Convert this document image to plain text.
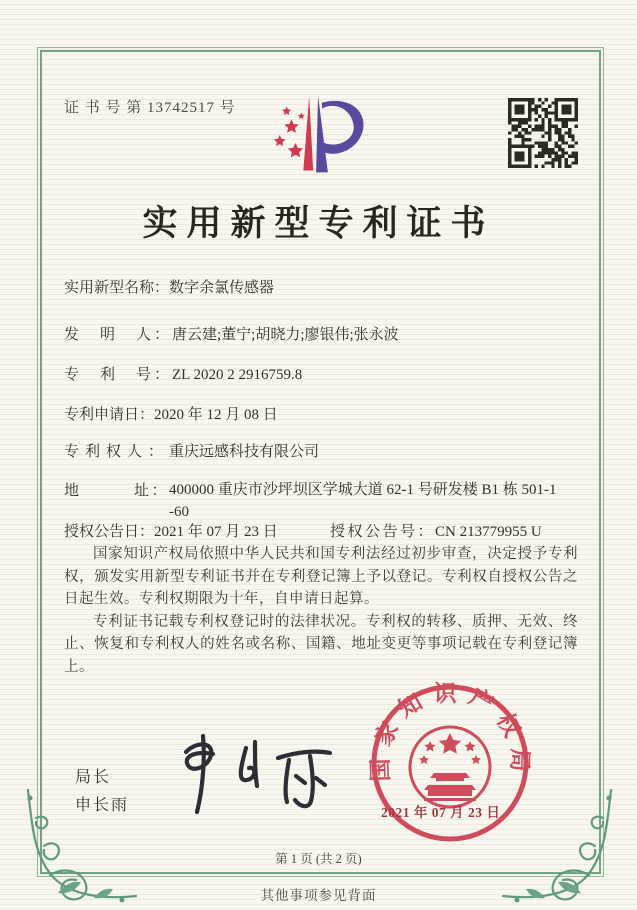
证 书 号 第 13742517 号
实用新型专利证书
实用新型名称：数字余氯传感器
发　明　人：唐云建;董宁;胡晓力;廖银伟;张永波
专　利　号：ZL 2020 2 2916759.8
专利申请日：2020 年 12 月 08 日
专利权人：重庆远感科技有限公司
地　　　址：400000 重庆市沙坪坝区学城大道 62-1 号研发楼 B1 栋 501-1
-60
授权公告日：2021 年 07 月 23 日	授权公告号：CN 213779955 U

国家知识产权局依照中华人民共和国专利法经过初步审查，决定授予专利权，颁发实用新型专利证书并在专利登记簿上予以登记。专利权自授权公告之日起生效。专利权期限为十年，自申请日起算。

专利证书记载专利权登记时的法律状况。专利权的转移、质押、无效、终止、恢复和专利权人的姓名或名称、国籍、地址变更等事项记载在专利登记簿上。

局长
申长雨
国家知识产权局
2021 年 07 月 23 日
第 1 页 (共 2 页)
其他事项参见背面
